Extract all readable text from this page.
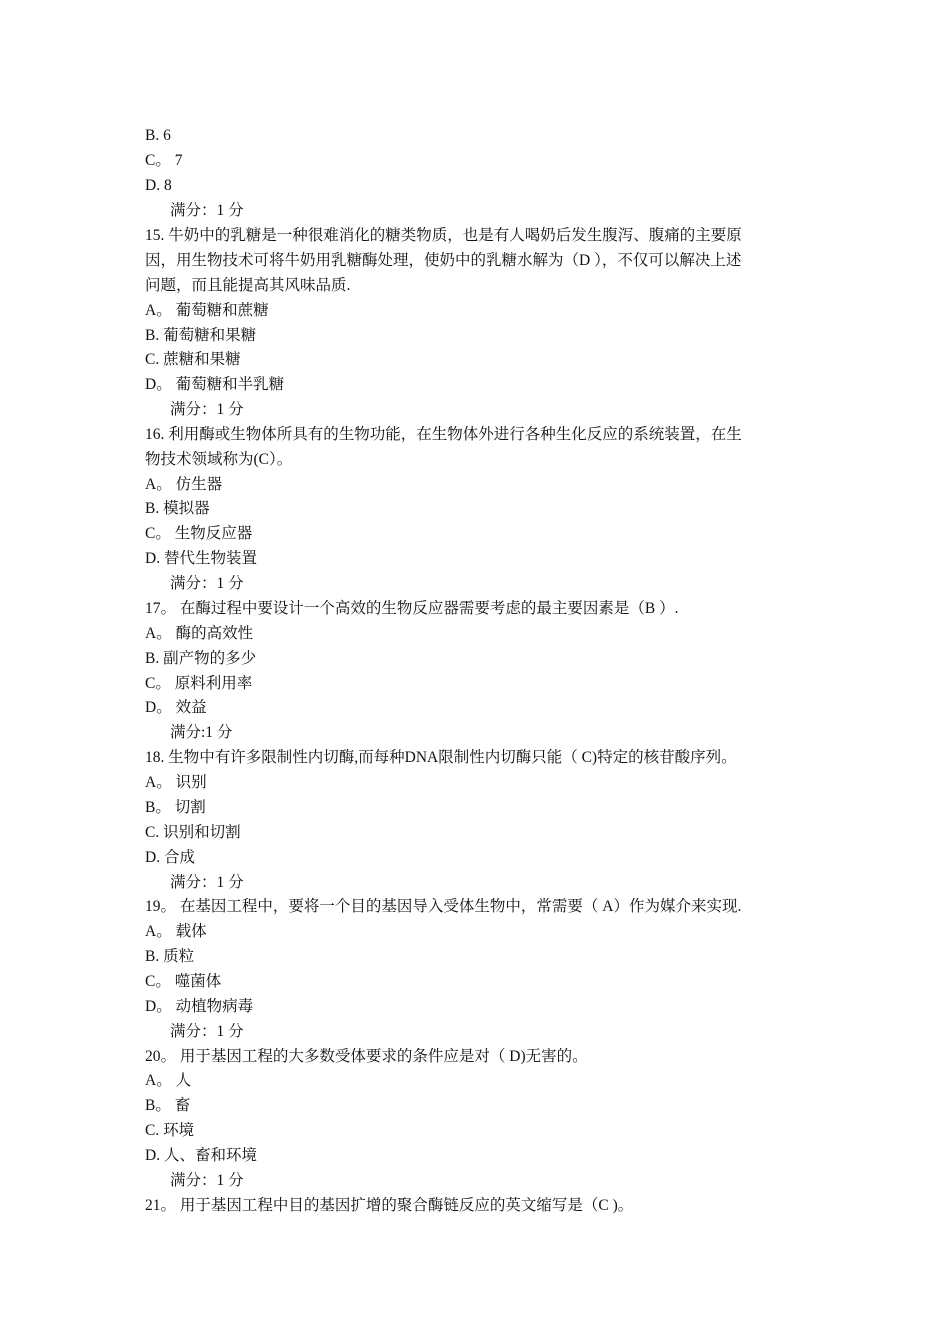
B. 6
C。 7
D. 8
满分：1 分
15. 牛奶中的乳糖是一种很难消化的糖类物质，也是有人喝奶后发生腹泻、腹痛的主要原
因，用生物技术可将牛奶用乳糖酶处理，使奶中的乳糖水解为（D ），不仅可以解决上述
问题，而且能提高其风味品质.
A。 葡萄糖和蔗糖
B. 葡萄糖和果糖
C. 蔗糖和果糖
D。 葡萄糖和半乳糖
满分：1 分
16. 利用酶或生物体所具有的生物功能，在生物体外进行各种生化反应的系统装置，在生
物技术领域称为(C）。
A。 仿生器
B. 模拟器
C。 生物反应器
D. 替代生物装置
满分：1 分
17。 在酶过程中要设计一个高效的生物反应器需要考虑的最主要因素是（B ）.
A。 酶的高效性
B. 副产物的多少
C。 原料利用率
D。 效益
满分:1 分
18. 生物中有许多限制性内切酶,而每种DNA限制性内切酶只能（ C)特定的核苷酸序列。
A。 识别
B。 切割
C. 识别和切割
D. 合成
满分：1 分
19。 在基因工程中，要将一个目的基因导入受体生物中，常需要（ A）作为媒介来实现.
A。 载体
B. 质粒
C。 噬菌体
D。 动植物病毒
满分：1 分
20。 用于基因工程的大多数受体要求的条件应是对（ D)无害的。
A。 人
B。 畜
C. 环境
D. 人、畜和环境
满分：1 分
21。 用于基因工程中目的基因扩增的聚合酶链反应的英文缩写是（C )。
